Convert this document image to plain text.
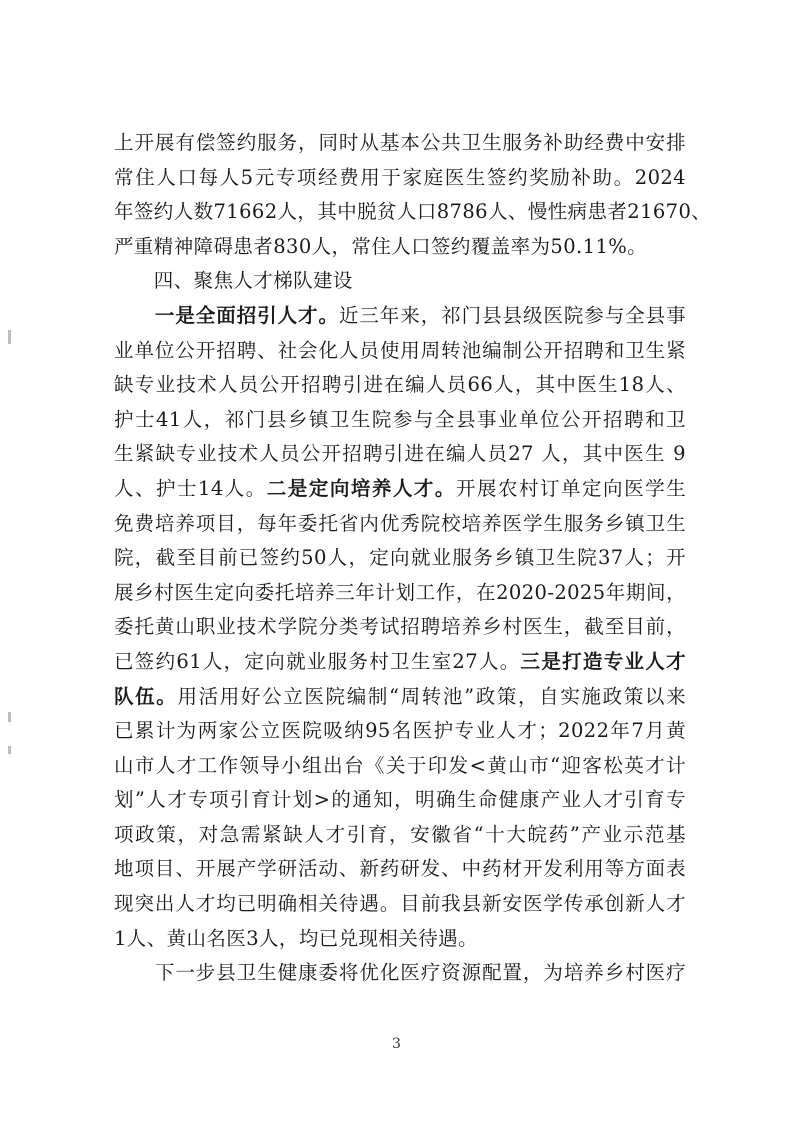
上开展有偿签约服务，同时从基本公共卫生服务补助经费中安排
常住人口每人5元专项经费用于家庭医生签约奖励补助。2024
年签约人数71662人，其中脱贫人口8786人、慢性病患者21670、
严重精神障碍患者830人，常住人口签约覆盖率为50.11%。
　　四、聚焦人才梯队建设
　　一是全面招引人才。近三年来，祁门县县级医院参与全县事
业单位公开招聘、社会化人员使用周转池编制公开招聘和卫生紧
缺专业技术人员公开招聘引进在编人员66人，其中医生18人、
护士41人，祁门县乡镇卫生院参与全县事业单位公开招聘和卫
生紧缺专业技术人员公开招聘引进在编人员27 人，其中医生 9
人、护士14人。二是定向培养人才。开展农村订单定向医学生
免费培养项目，每年委托省内优秀院校培养医学生服务乡镇卫生
院，截至目前已签约50人，定向就业服务乡镇卫生院37人；开
展乡村医生定向委托培养三年计划工作，在2020-2025年期间，
委托黄山职业技术学院分类考试招聘培养乡村医生，截至目前，
已签约61人，定向就业服务村卫生室27人。三是打造专业人才
队伍。用活用好公立医院编制“周转池”政策，自实施政策以来
已累计为两家公立医院吸纳95名医护专业人才；2022年7月黄
山市人才工作领导小组出台《关于印发<黄山市“迎客松英才计
划”人才专项引育计划>的通知，明确生命健康产业人才引育专
项政策，对急需紧缺人才引育，安徽省“十大皖药”产业示范基
地项目、开展产学研活动、新药研发、中药材开发利用等方面表
现突出人才均已明确相关待遇。目前我县新安医学传承创新人才
1人、黄山名医3人，均已兑现相关待遇。
　　下一步县卫生健康委将优化医疗资源配置，为培养乡村医疗
3
